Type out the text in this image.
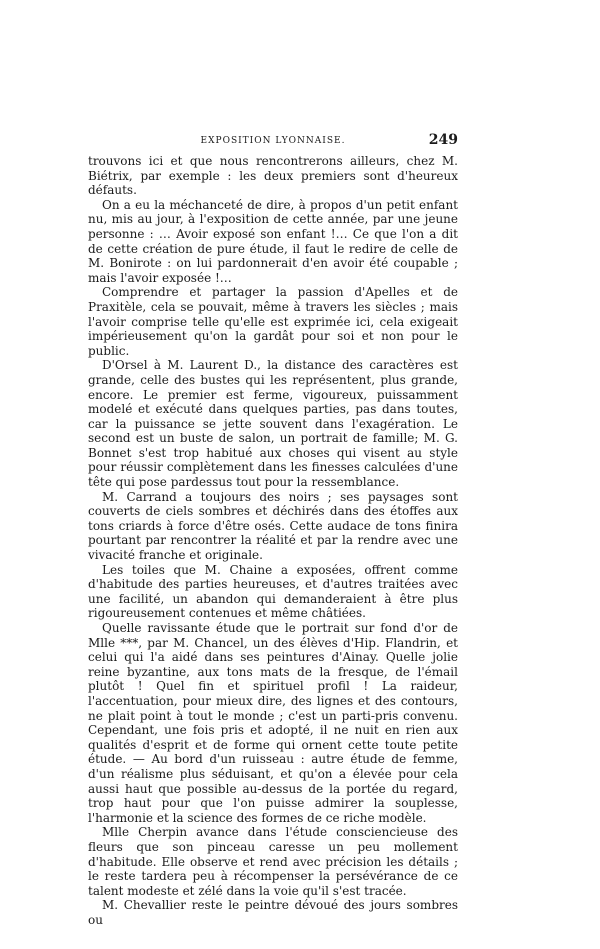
EXPOSITION LYONNAISE.	249

trouvons ici et que nous rencontrerons ailleurs, chez M. Biétrix, par exemple : les deux premiers sont d'heureux défauts.

On a eu la méchanceté de dire, à propos d'un petit enfant nu, mis au jour, à l'exposition de cette année, par une jeune personne : … Avoir exposé son enfant !… Ce que l'on a dit de cette création de pure étude, il faut le redire de celle de M. Bonirote : on lui pardonnerait d'en avoir été coupable ; mais l'avoir exposée !…

Comprendre et partager la passion d'Apelles et de Praxitèle, cela se pouvait, même à travers les siècles ; mais l'avoir comprise telle qu'elle est exprimée ici, cela exigeait impérieusement qu'on la gardât pour soi et non pour le public.

D'Orsel à M. Laurent D., la distance des caractères est grande, celle des bustes qui les représentent, plus grande, encore. Le premier est ferme, vigoureux, puissamment modelé et exécuté dans quelques parties, pas dans toutes, car la puissance se jette souvent dans l'exagération. Le second est un buste de salon, un portrait de famille; M. G. Bonnet s'est trop habitué aux choses qui visent au style pour réussir complètement dans les finesses calculées d'une tête qui pose pardessus tout pour la ressemblance.

M. Carrand a toujours des noirs ; ses paysages sont couverts de ciels sombres et déchirés dans des étoffes aux tons criards à force d'être osés. Cette audace de tons finira pourtant par rencontrer la réalité et par la rendre avec une vivacité franche et originale.

Les toiles que M. Chaine a exposées, offrent comme d'habitude des parties heureuses, et d'autres traitées avec une facilité, un abandon qui demanderaient à être plus rigoureusement contenues et même châtiées.

Quelle ravissante étude que le portrait sur fond d'or de Mlle ***, par M. Chancel, un des élèves d'Hip. Flandrin, et celui qui l'a aidé dans ses peintures d'Ainay. Quelle jolie reine byzantine, aux tons mats de la fresque, de l'émail plutôt ! Quel fin et spirituel profil ! La raideur, l'accentuation, pour mieux dire, des lignes et des contours, ne plait point à tout le monde ; c'est un parti-pris convenu. Cependant, une fois pris et adopté, il ne nuit en rien aux qualités d'esprit et de forme qui ornent cette toute petite étude. — Au bord d'un ruisseau : autre étude de femme, d'un réalisme plus séduisant, et qu'on a élevée pour cela aussi haut que possible au-dessus de la portée du regard, trop haut pour que l'on puisse admirer la souplesse, l'harmonie et la science des formes de ce riche modèle.

Mlle Cherpin avance dans l'étude consciencieuse des fleurs que son pinceau caresse un peu mollement d'habitude. Elle observe et rend avec précision les détails ; le reste tardera peu à récompenser la persévérance de ce talent modeste et zélé dans la voie qu'il s'est tracée.

M. Chevallier reste le peintre dévoué des jours sombres ou
